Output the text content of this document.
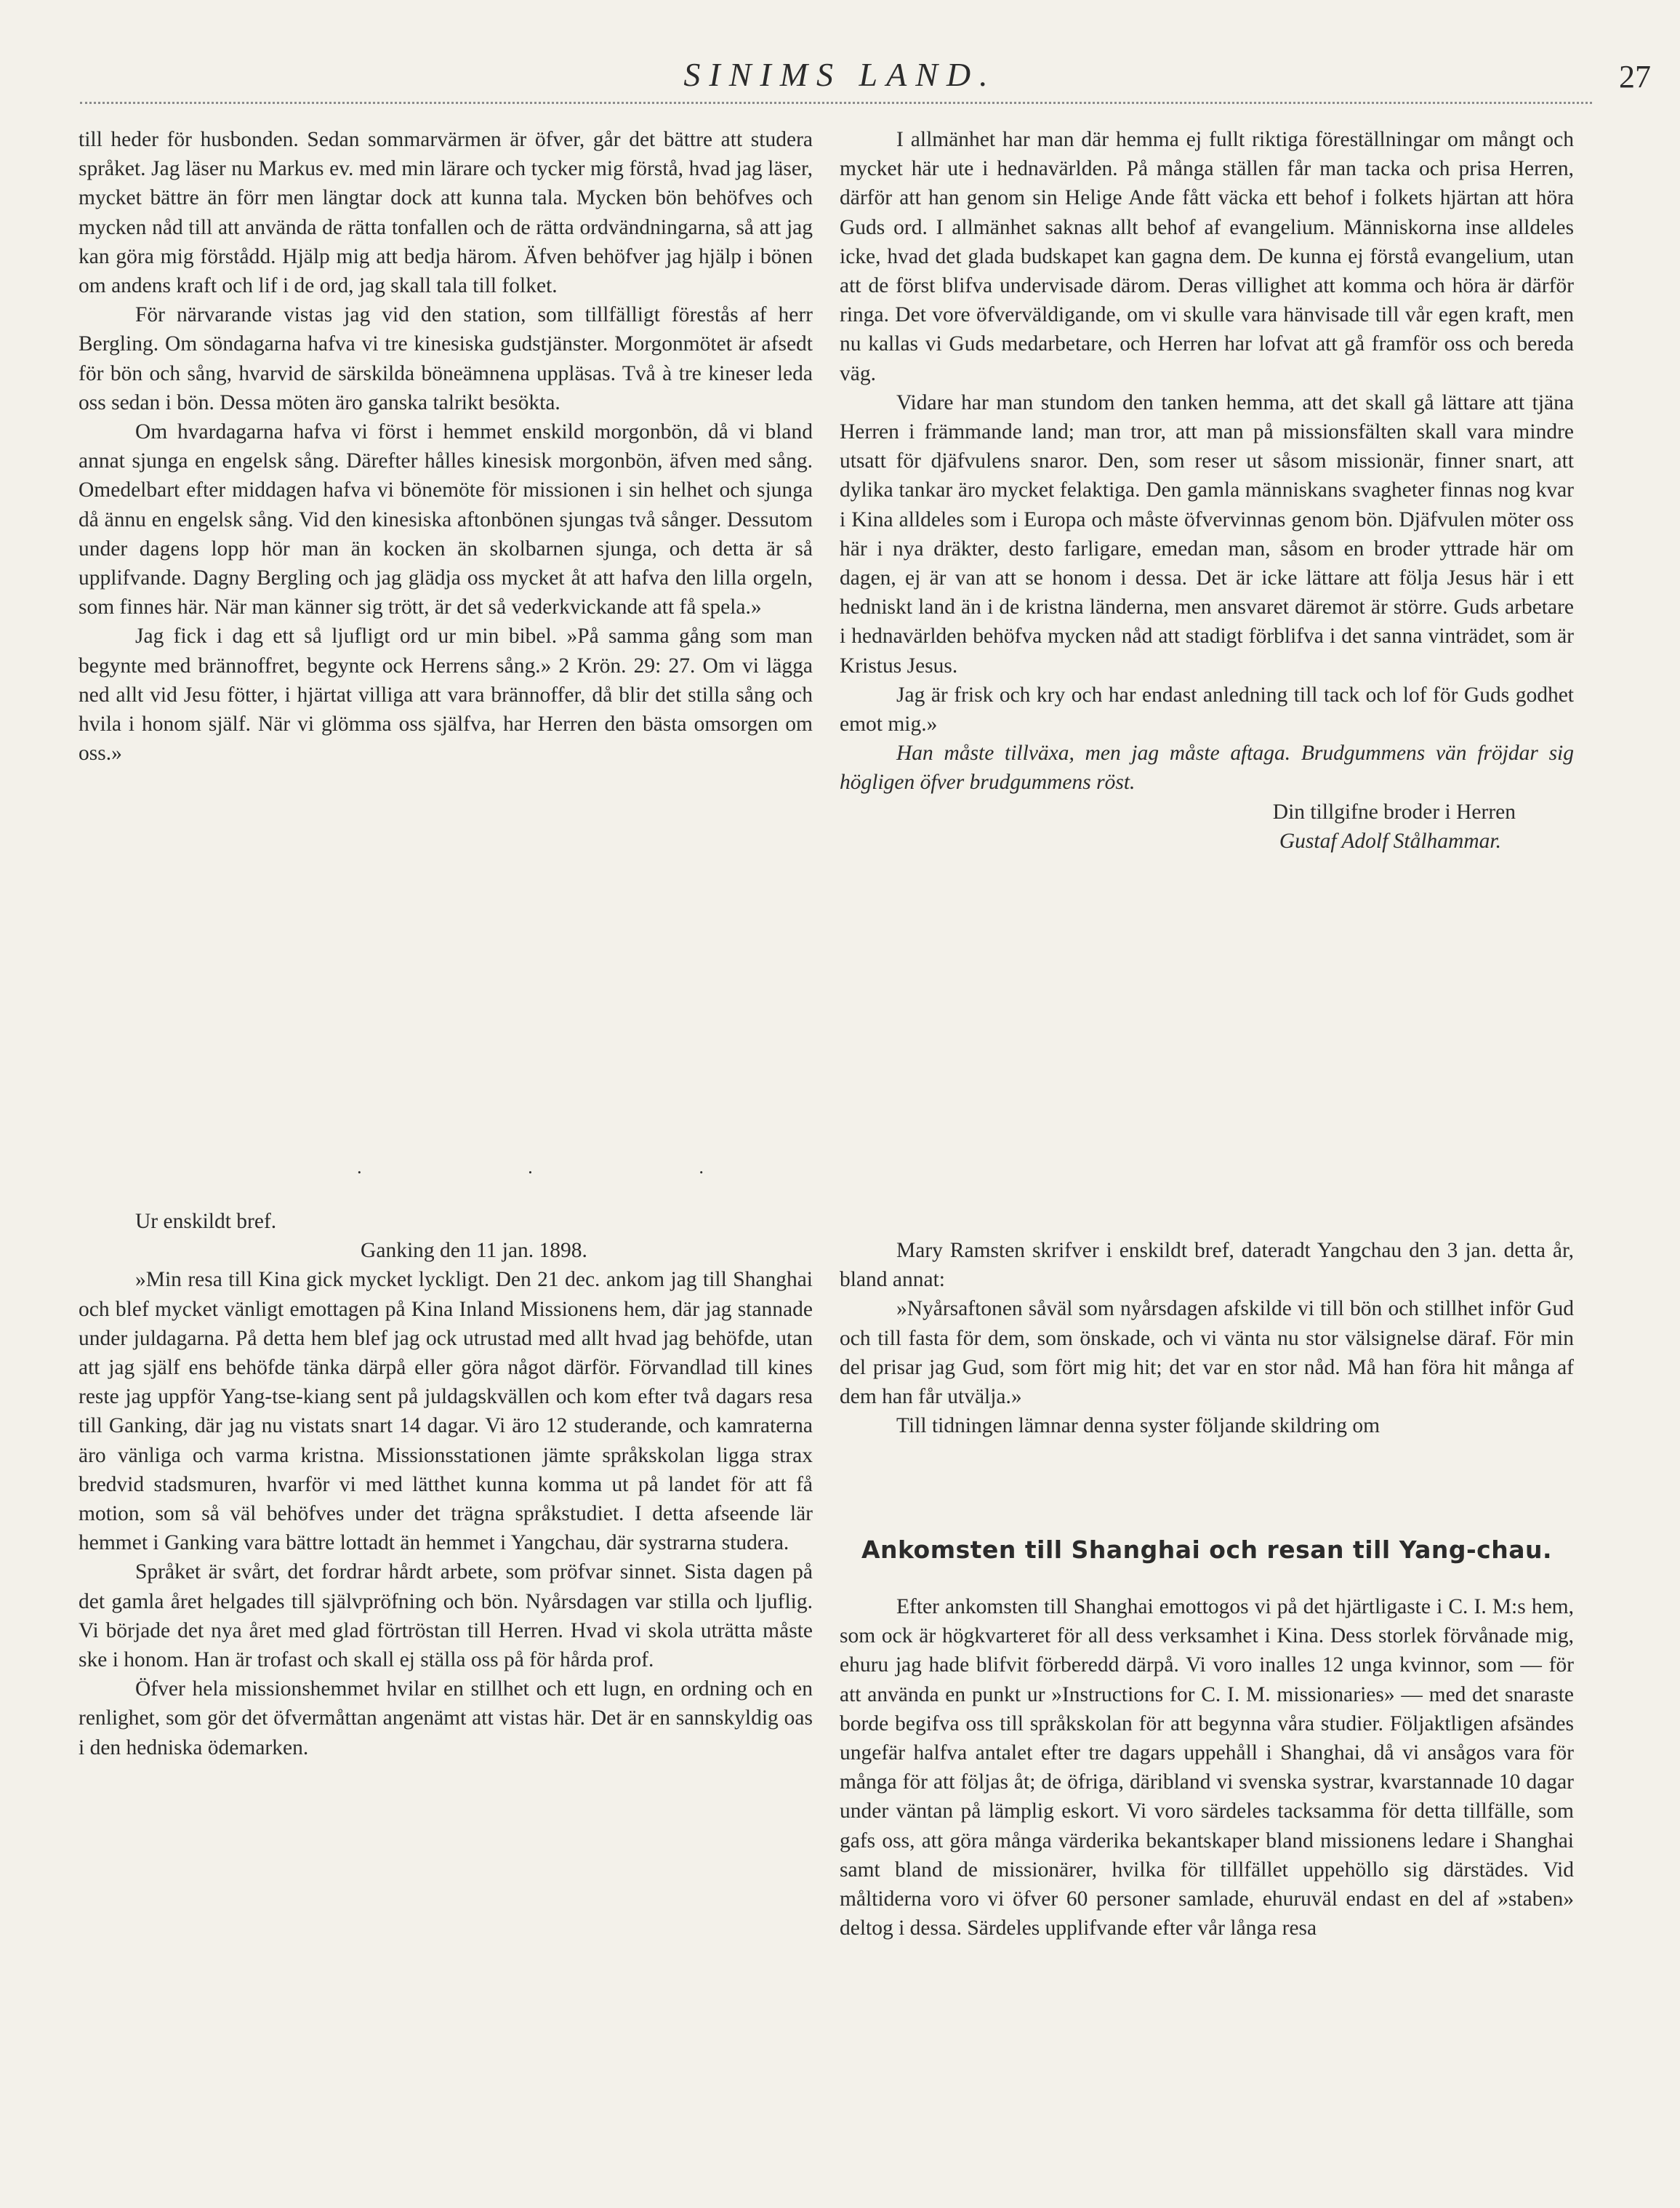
SINIMS LAND.	27

till heder för husbonden. Sedan sommarvärmen är öfver, går det bättre att studera språket. Jag läser nu Markus ev. med min lärare och tycker mig förstå, hvad jag läser, mycket bättre än förr men längtar dock att kunna tala. Mycken bön behöfves och mycken nåd till att använda de rätta tonfallen och de rätta ordvändningarna, så att jag kan göra mig förstådd. Hjälp mig att bedja härom. Äfven behöfver jag hjälp i bönen om andens kraft och lif i de ord, jag skall tala till folket.

För närvarande vistas jag vid den station, som tillfälligt förestås af herr Bergling. Om söndagarna hafva vi tre kinesiska gudstjänster. Morgonmötet är afsedt för bön och sång, hvarvid de särskilda böneämnena uppläsas. Två à tre kineser leda oss sedan i bön. Dessa möten äro ganska talrikt besökta.

Om hvardagarna hafva vi först i hemmet enskild morgonbön, då vi bland annat sjunga en engelsk sång. Därefter hålles kinesisk morgonbön, äfven med sång. Omedelbart efter middagen hafva vi bönemöte för missionen i sin helhet och sjunga då ännu en engelsk sång. Vid den kinesiska aftonbönen sjungas två sånger. Dessutom under dagens lopp hör man än kocken än skolbarnen sjunga, och detta är så upplifvande. Dagny Bergling och jag glädja oss mycket åt att hafva den lilla orgeln, som finnes här. När man känner sig trött, är det så vederkvickande att få spela.»

Jag fick i dag ett så ljufligt ord ur min bibel. »På samma gång som man begynte med brännoffret, begynte ock Herrens sång.» 2 Krön. 29: 27. Om vi lägga ned allt vid Jesu fötter, i hjärtat villiga att vara brännoffer, då blir det stilla sång och hvila i honom själf. När vi glömma oss själfva, har Herren den bästa omsorgen om oss.»

I allmänhet har man där hemma ej fullt riktiga föreställningar om mångt och mycket här ute i hednavärlden. På många ställen får man tacka och prisa Herren, därför att han genom sin Helige Ande fått väcka ett behof i folkets hjärtan att höra Guds ord. I allmänhet saknas allt behof af evangelium. Människorna inse alldeles icke, hvad det glada budskapet kan gagna dem. De kunna ej förstå evangelium, utan att de först blifva undervisade därom. Deras villighet att komma och höra är därför ringa. Det vore öfverväldigande, om vi skulle vara hänvisade till vår egen kraft, men nu kallas vi Guds medarbetare, och Herren har lofvat att gå framför oss och bereda väg.

Vidare har man stundom den tanken hemma, att det skall gå lättare att tjäna Herren i främmande land; man tror, att man på missionsfälten skall vara mindre utsatt för djäfvulens snaror. Den, som reser ut såsom missionär, finner snart, att dylika tankar äro mycket felaktiga. Den gamla människans svagheter finnas nog kvar i Kina alldeles som i Europa och måste öfvervinnas genom bön. Djäfvulen möter oss här i nya dräkter, desto farligare, emedan man, såsom en broder yttrade här om dagen, ej är van att se honom i dessa. Det är icke lättare att följa Jesus här i ett hedniskt land än i de kristna länderna, men ansvaret däremot är större. Guds arbetare i hednavärlden behöfva mycken nåd att stadigt förblifva i det sanna vinträdet, som är Kristus Jesus.

Jag är frisk och kry och har endast anledning till tack och lof för Guds godhet emot mig.»

Han måste tillväxa, men jag måste aftaga. Brudgummens vän fröjdar sig högligen öfver brudgummens röst.

Din tillgifne broder i Herren

Gustaf Adolf Stålhammar.

· · ·

Ur enskildt bref.

Ganking den 11 jan. 1898.

»Min resa till Kina gick mycket lyckligt. Den 21 dec. ankom jag till Shanghai och blef mycket vänligt emottagen på Kina Inland Missionens hem, där jag stannade under juldagarna. På detta hem blef jag ock utrustad med allt hvad jag behöfde, utan att jag själf ens behöfde tänka därpå eller göra något därför. Förvandlad till kines reste jag uppför Yang-tse-kiang sent på juldagskvällen och kom efter två dagars resa till Ganking, där jag nu vistats snart 14 dagar. Vi äro 12 studerande, och kamraterna äro vänliga och varma kristna. Missionsstationen jämte språkskolan ligga strax bredvid stadsmuren, hvarför vi med lätthet kunna komma ut på landet för att få motion, som så väl behöfves under det trägna språkstudiet. I detta afseende lär hemmet i Ganking vara bättre lottadt än hemmet i Yangchau, där systrarna studera.

Språket är svårt, det fordrar hårdt arbete, som pröfvar sinnet. Sista dagen på det gamla året helgades till självpröfning och bön. Nyårsdagen var stilla och ljuflig. Vi började det nya året med glad förtröstan till Herren. Hvad vi skola uträtta måste ske i honom. Han är trofast och skall ej ställa oss på för hårda prof.

Öfver hela missionshemmet hvilar en stillhet och ett lugn, en ordning och en renlighet, som gör det öfvermåttan angenämt att vistas här. Det är en sannskyldig oas i den hedniska ödemarken.

Mary Ramsten skrifver i enskildt bref, dateradt Yangchau den 3 jan. detta år, bland annat:

»Nyårsaftonen såväl som nyårsdagen afskilde vi till bön och stillhet inför Gud och till fasta för dem, som önskade, och vi vänta nu stor välsignelse däraf. För min del prisar jag Gud, som fört mig hit; det var en stor nåd. Må han föra hit många af dem han får utvälja.»

Till tidningen lämnar denna syster följande skildring om

Ankomsten till Shanghai och resan till Yang-chau.

Efter ankomsten till Shanghai emottogos vi på det hjärtligaste i C. I. M:s hem, som ock är högkvarteret för all dess verksamhet i Kina. Dess storlek förvånade mig, ehuru jag hade blifvit förberedd därpå. Vi voro inalles 12 unga kvinnor, som — för att använda en punkt ur »Instructions for C. I. M. missionaries» — med det snaraste borde begifva oss till språkskolan för att begynna våra studier. Följaktligen afsändes ungefär halfva antalet efter tre dagars uppehåll i Shanghai, då vi ansågos vara för många för att följas åt; de öfriga, däribland vi svenska systrar, kvarstannade 10 dagar under väntan på lämplig eskort. Vi voro särdeles tacksamma för detta tillfälle, som gafs oss, att göra många värderika bekantskaper bland missionens ledare i Shanghai samt bland de missionärer, hvilka för tillfället uppehöllo sig därstädes. Vid måltiderna voro vi öfver 60 personer samlade, ehuruväl endast en del af »staben» deltog i dessa. Särdeles upplifvande efter vår långa resa
